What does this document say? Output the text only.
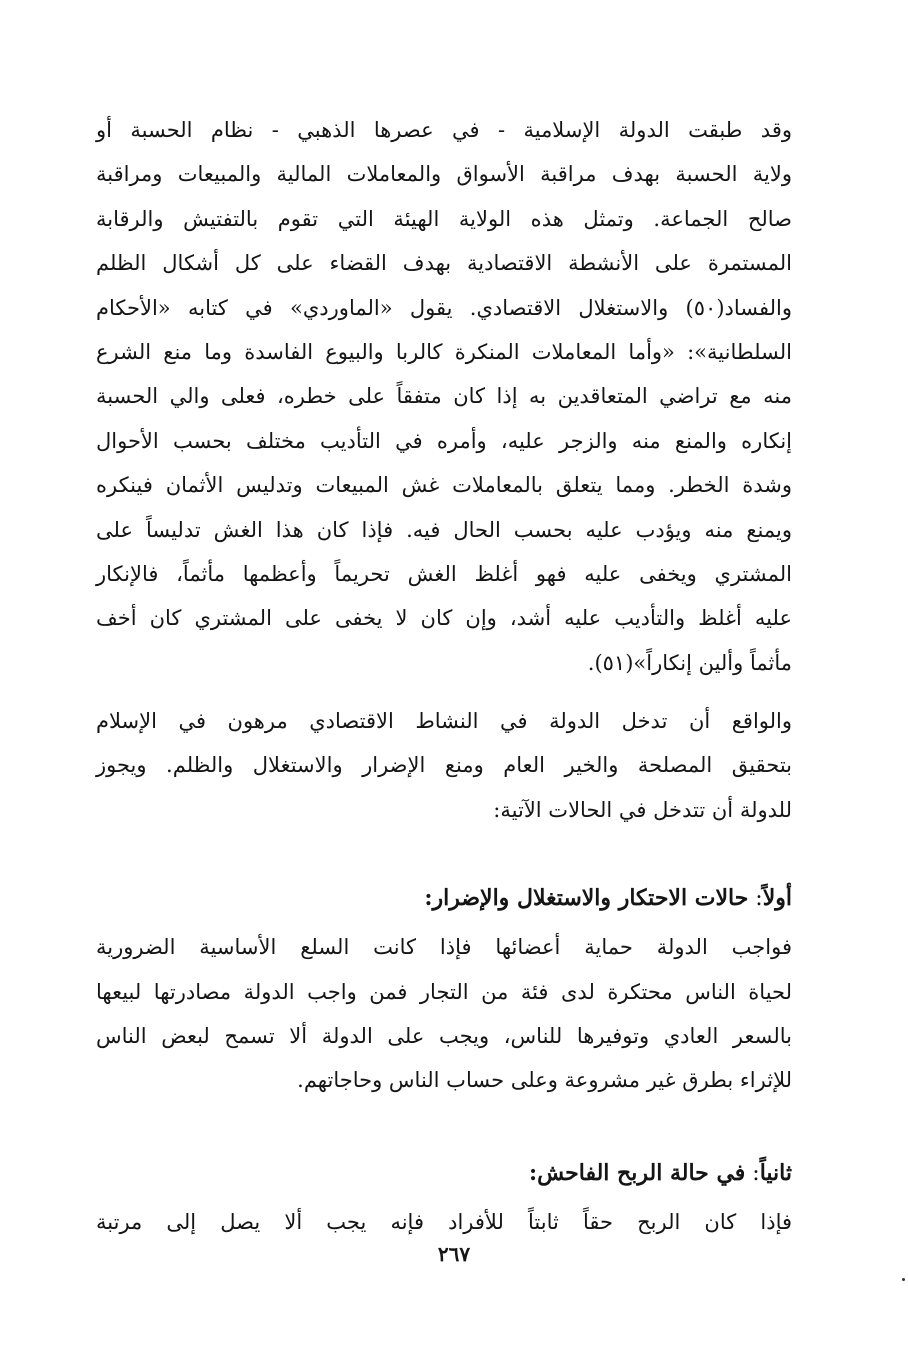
وقد طبقت الدولة الإسلامية - في عصرها الذهبي - نظام الحسبة أو
ولاية الحسبة بهدف مراقبة الأسواق والمعاملات المالية والمبيعات ومراقبة
صالح الجماعة. وتمثل هذه الولاية الهيئة التي تقوم بالتفتيش والرقابة
المستمرة على الأنشطة الاقتصادية بهدف القضاء على كل أشكال الظلم
والفساد(٥٠) والاستغلال الاقتصادي. يقول «الماوردي» في كتابه «الأحكام
السلطانية»: «وأما المعاملات المنكرة كالربا والبيوع الفاسدة وما منع الشرع
منه مع تراضي المتعاقدين به إذا كان متفقاً على خطره، فعلى والي الحسبة
إنكاره والمنع منه والزجر عليه، وأمره في التأديب مختلف بحسب الأحوال
وشدة الخطر. ومما يتعلق بالمعاملات غش المبيعات وتدليس الأثمان فينكره
ويمنع منه ويؤدب عليه بحسب الحال فيه. فإذا كان هذا الغش تدليساً على
المشتري ويخفى عليه فهو أغلظ الغش تحريماً وأعظمها مأثماً، فالإنكار
عليه أغلظ والتأديب عليه أشد، وإن كان لا يخفى على المشتري كان أخف
مأثماً وألين إنكاراً»(٥١).
والواقع أن تدخل الدولة في النشاط الاقتصادي مرهون في الإسلام
بتحقيق المصلحة والخير العام ومنع الإضرار والاستغلال والظلم. ويجوز
للدولة أن تتدخل في الحالات الآتية:
أولاً: حالات الاحتكار والاستغلال والإضرار:
فواجب الدولة حماية أعضائها فإذا كانت السلع الأساسية الضرورية
لحياة الناس محتكرة لدى فئة من التجار فمن واجب الدولة مصادرتها لبيعها
بالسعر العادي وتوفيرها للناس، ويجب على الدولة ألا تسمح لبعض الناس
للإثراء بطرق غير مشروعة وعلى حساب الناس وحاجاتهم.
ثانياً: في حالة الربح الفاحش:
فإذا كان الربح حقاً ثابتاً للأفراد فإنه يجب ألا يصل إلى مرتبة
٢٦٧
